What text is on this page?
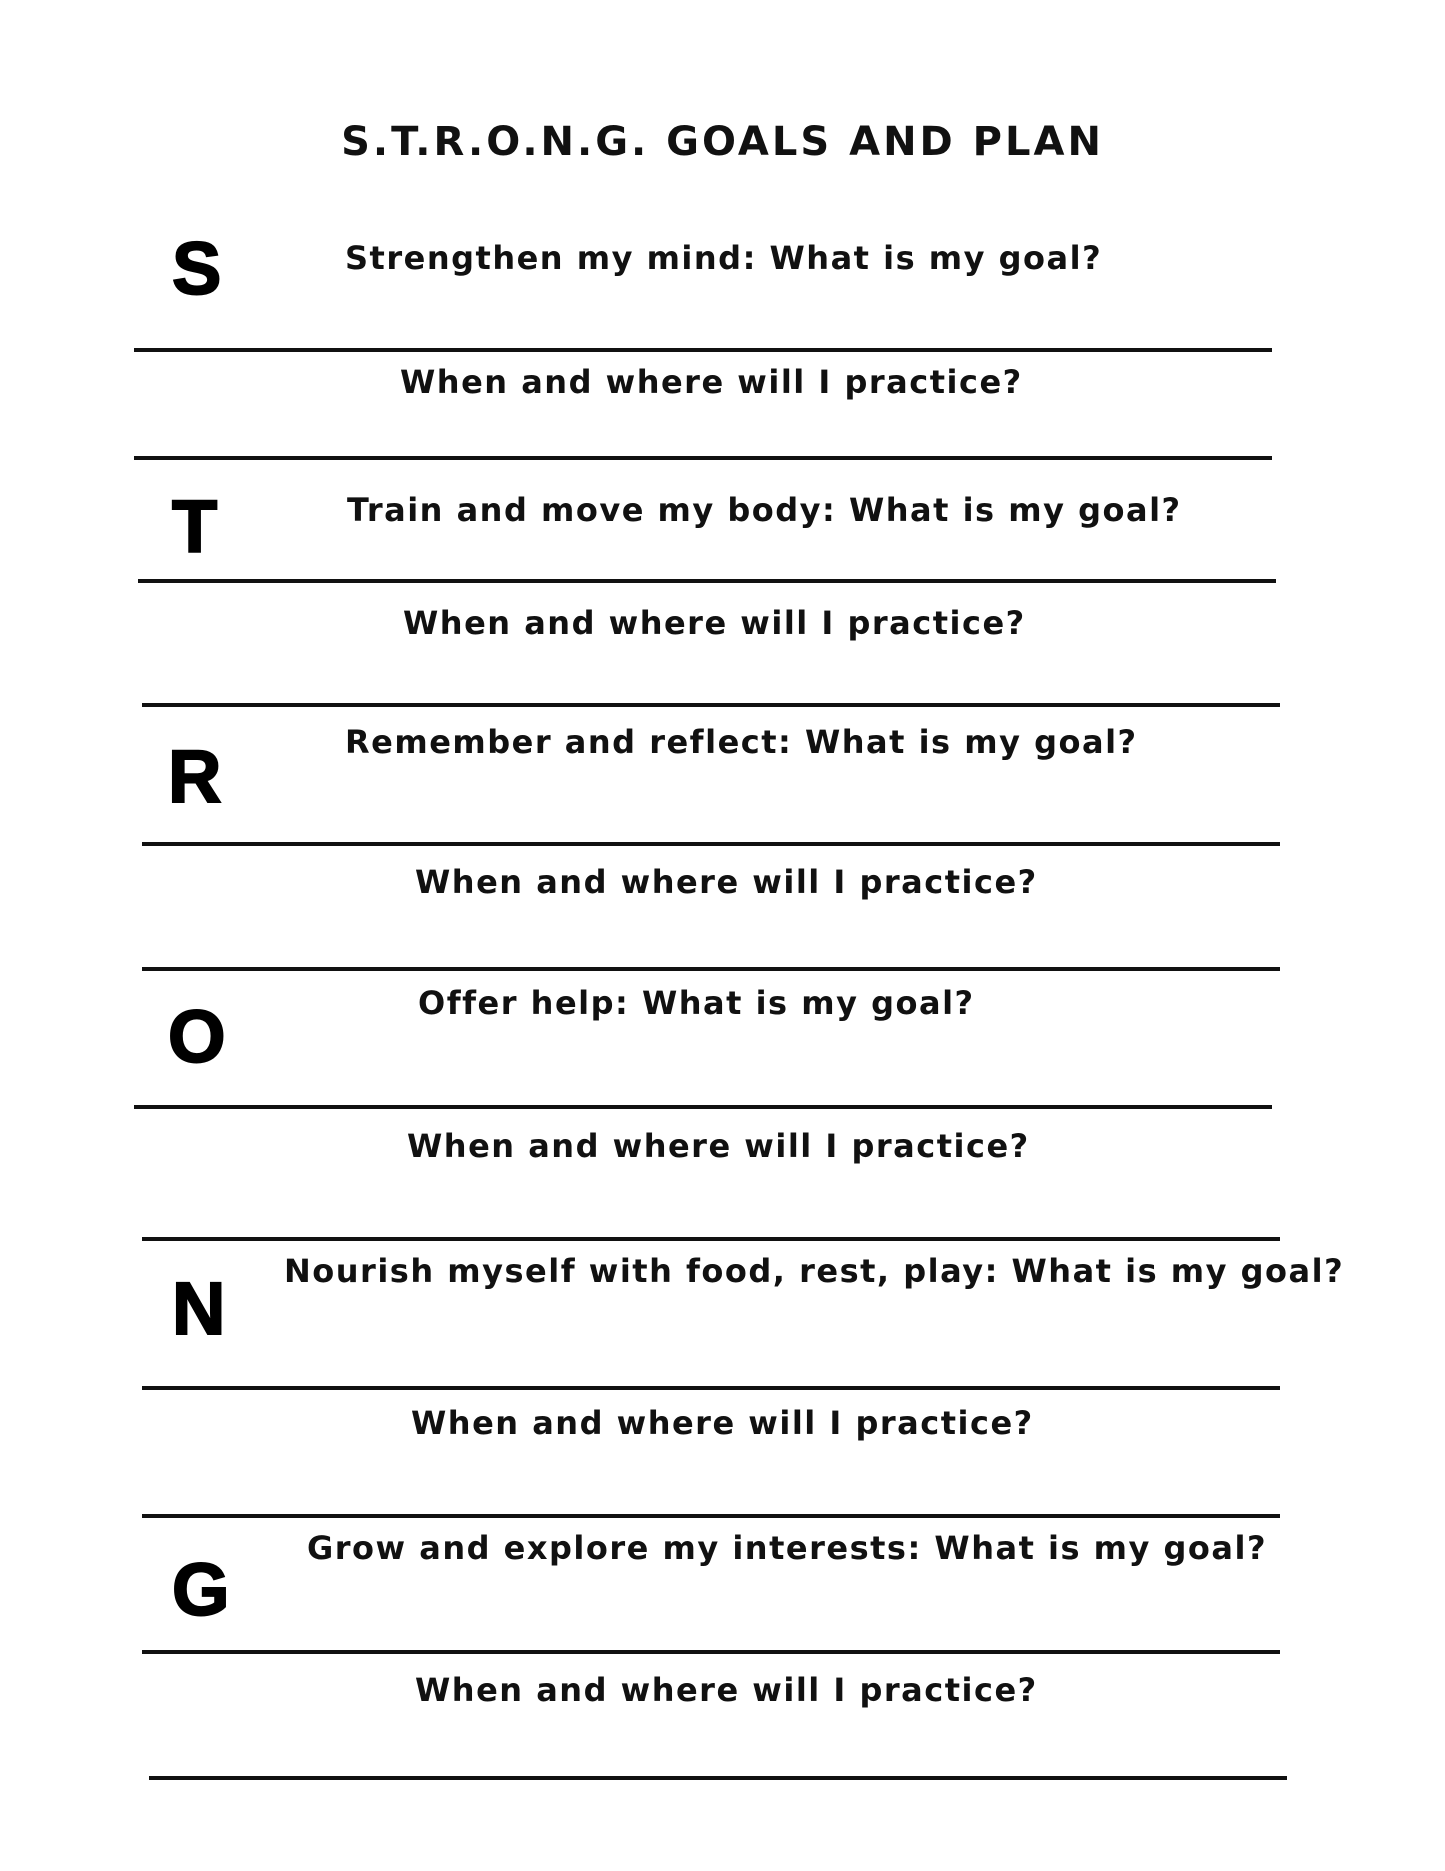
S.T.R.O.N.G. GOALS AND PLAN
S	Strengthen my mind: What is my goal?
When and where will I practice?
T	Train and move my body: What is my goal?
When and where will I practice?
R	Remember and reflect: What is my goal?
When and where will I practice?
O	Offer help: What is my goal?
When and where will I practice?
N Nourish myself with food, rest, play: What is my goal?
When and where will I practice?
G Grow and explore my interests: What is my goal?
When and where will I practice?
